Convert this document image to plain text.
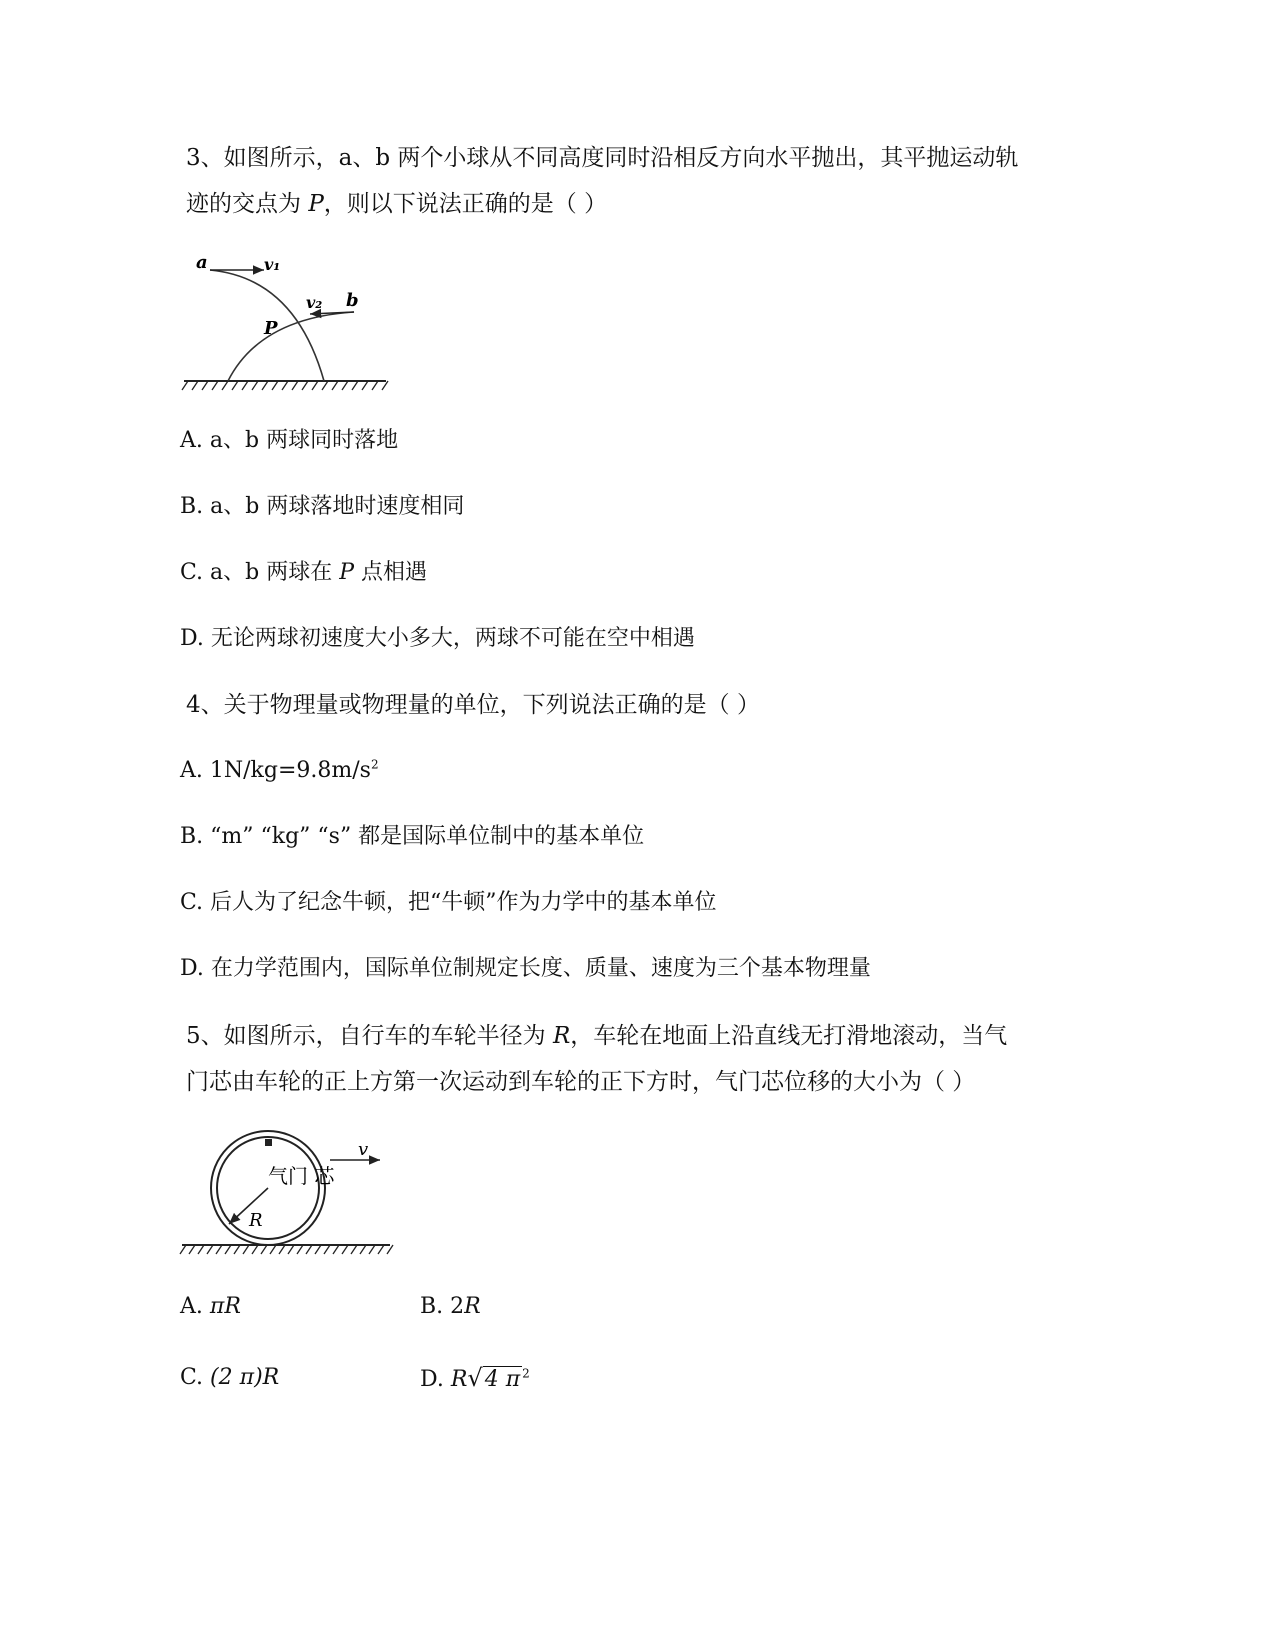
3、如图所示，a、b 两个小球从不同高度同时沿相反方向水平抛出，其平抛运动轨
迹的交点为 P，则以下说法正确的是（ ）
a	v₁
v₂ b
P
A. a、b 两球同时落地
B. a、b 两球落地时速度相同
C. a、b 两球在 P 点相遇
D. 无论两球初速度大小多大，两球不可能在空中相遇
4、关于物理量或物理量的单位，下列说法正确的是（ ）
A. $1N/kg=9.8m/s^2$
B. “m” “kg” “s” 都是国际单位制中的基本单位
C. 后人为了纪念牛顿，把“牛顿”作为力学中的基本单位
D. 在力学范围内，国际单位制规定长度、质量、速度为三个基本物理量
5、如图所示，自行车的车轮半径为 R，车轮在地面上沿直线无打滑地滚动，当气
门芯由车轮的正上方第一次运动到车轮的正下方时，气门芯位移的大小为（ ）
v
气门 芯
R
A. πR	B. 2R
C. (2 π)R	D. R√4 π $^2$
